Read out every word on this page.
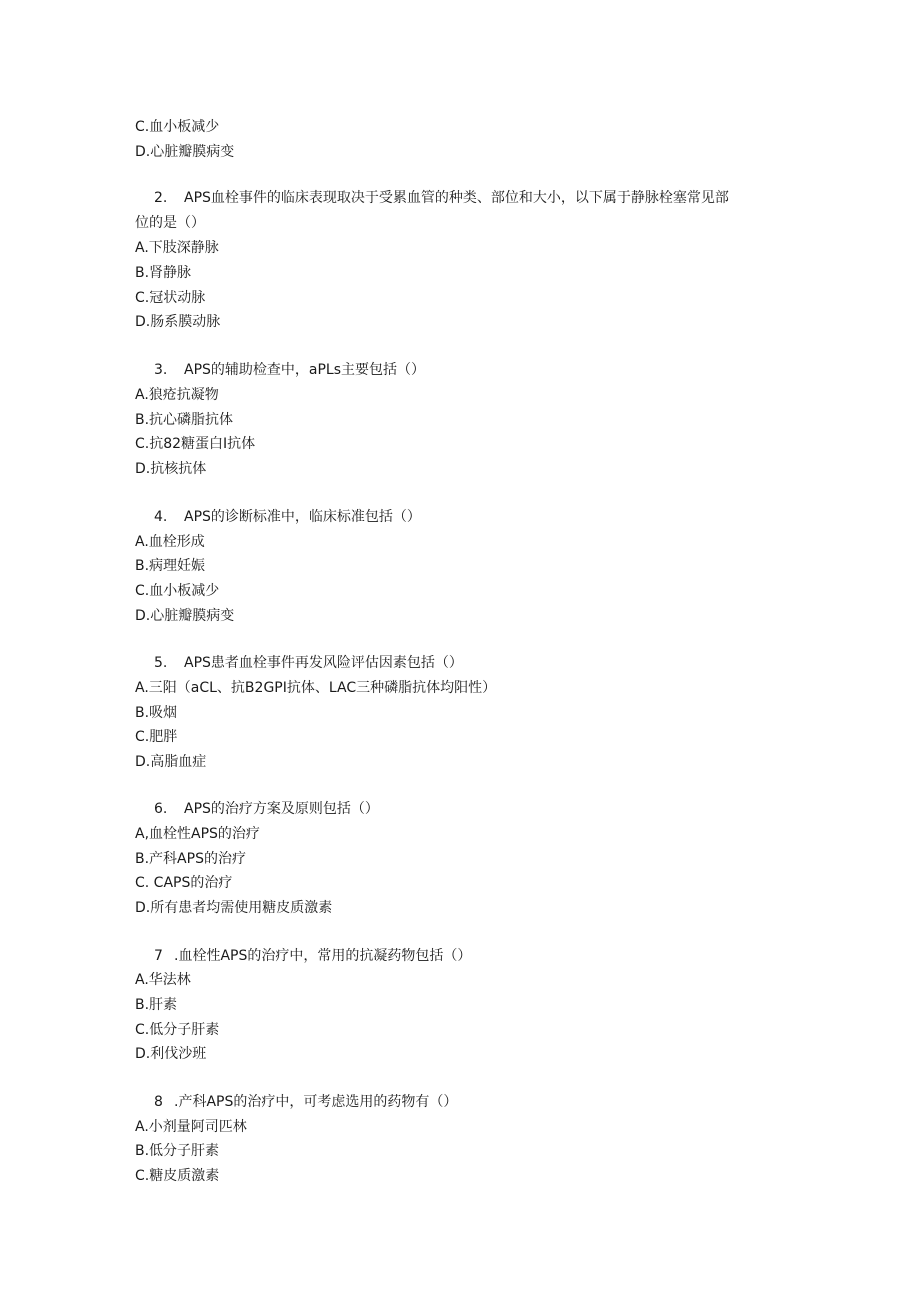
C.血小板减少
D.心脏瓣膜病变
2. APS血栓事件的临床表现取决于受累血管的种类、部位和大小，以下属于静脉栓塞常见部
位的是（）
A.下肢深静脉
B.肾静脉
C.冠状动脉
D.肠系膜动脉
3. APS的辅助检查中，aPLs主要包括（）
A.狼疮抗凝物
B.抗心磷脂抗体
C.抗82糖蛋白I抗体
D.抗核抗体
4. APS的诊断标准中，临床标准包括（）
A.血栓形成
B.病理妊娠
C.血小板减少
D.心脏瓣膜病变
5. APS患者血栓事件再发风险评估因素包括（）
A.三阳（aCL、抗B2GPI抗体、LAC三种磷脂抗体均阳性）
B.吸烟
C.肥胖
D.高脂血症
6. APS的治疗方案及原则包括（）
A,血栓性APS的治疗
B.产科APS的治疗
C. CAPS的治疗
D.所有患者均需使用糖皮质激素
7 .血栓性APS的治疗中，常用的抗凝药物包括（）
A.华法林
B.肝素
C.低分子肝素
D.利伐沙班
8 .产科APS的治疗中，可考虑选用的药物有（）
A.小剂量阿司匹林
B.低分子肝素
C.糖皮质激素
